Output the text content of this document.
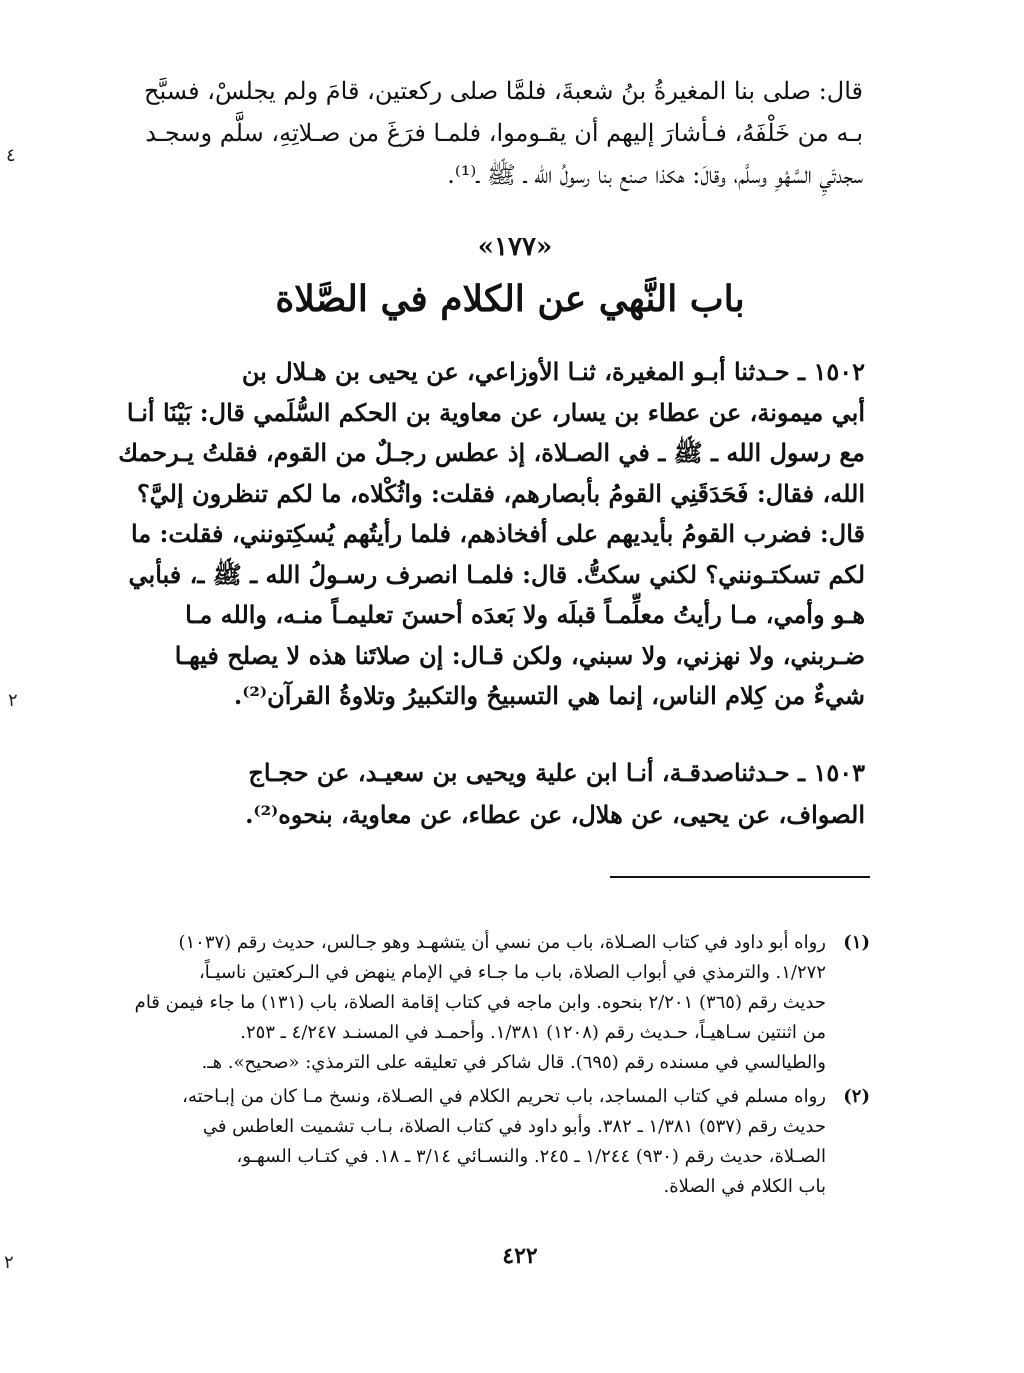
قال: صلى بنا المغيرةُ بنُ شعبةَ، فلمَّا صلى ركعتين، قامَ ولم يجلسْ، فسبَّح
بـه من خَلْفَهُ، فـأشارَ إليهم أن يقـوموا، فلمـا فرَغَ من صـلاتِهِ، سلَّم وسجـد
سجدتَيِ السَّهْوِ وسلَّم، وقالَ: هكذا صنع بنا رسولُ الله ـ ﷺ ـ⁽¹⁾.
«١٧٧»
باب النَّهي عن الكلام في الصَّلاة
١٥٠٢ ـ حـدثنا أبـو المغيرة، ثنـا الأوزاعي، عن يحيى بن هـلال بن
أبي ميمونة، عن عطاء بن يسار، عن معاوية بن الحكم السُّلَمي قال: بَيْنَا أنـا
مع رسول الله ـ ﷺ ـ في الصـلاة، إذ عطس رجـلٌ من القوم، فقلتُ يـرحمك
الله، فقال: فَحَدَقَنِي القومُ بأبصارهم، فقلت: واثُكْلاه، ما لكم تنظرون إليَّ؟
قال: فضرب القومُ بأيديهم على أفخاذهم، فلما رأيتُهم يُسكِتونني، فقلت: ما
لكم تسكتـونني؟ لكني سكتُّ. قال: فلمـا انصرف رسـولُ الله ـ ﷺ ـ، فبأبي
هـو وأمي، مـا رأيتُ معلِّمـاً قبلَه ولا بَعدَه أحسنَ تعليمـاً منـه، والله مـا
ضـربني، ولا نهزني، ولا سبني، ولكن قـال: إن صلاتَنا هذه لا يصلح فيهـا
شيءٌ من كِلام الناس، إنما هي التسبيحُ والتكبيرُ وتلاوةُ القرآن⁽²⁾.
١٥٠٣ ـ حـدثناصدقـة، أنـا ابن علية ويحيى بن سعيـد، عن حجـاج
الصواف، عن يحيى، عن هلال، عن عطاء، عن معاوية، بنحوه⁽²⁾.
(١)
رواه أبو داود في كتاب الصـلاة، باب من نسي أن يتشهـد وهو جـالس، حديث رقم (١٠٣٧)
١/٢٧٢. والترمذي في أبواب الصلاة، باب ما جـاء في الإمام ينهض في الـركعتين ناسيـاً،
حديث رقم (٣٦٥) ٢/٢٠١ بنحوه. وابن ماجه في كتاب إقامة الصلاة، باب (١٣١) ما جاء فيمن قام
من اثنتين سـاهيـاً، حـديث رقم (١٢٠٨) ١/٣٨١. وأحمـد في المسنـد ٤/٢٤٧ ـ ٢٥٣.
والطيالسي في مسنده رقم (٦٩٥). قال شاكر في تعليقه على الترمذي: «صحيح». هـ.
(٢)
رواه مسلم في كتاب المساجد، باب تحريم الكلام في الصـلاة، ونسخ مـا كان من إبـاحته،
حديث رقم (٥٣٧) ١/٣٨١ ـ ٣٨٢. وأبو داود في كتاب الصلاة، بـاب تشميت العاطس في
الصـلاة، حديث رقم (٩٣٠) ١/٢٤٤ ـ ٢٤٥. والنسـائي ٣/١٤ ـ ١٨. في كتـاب السهـو،
باب الكلام في الصلاة.
٤٢٢
٤
٢
٢
